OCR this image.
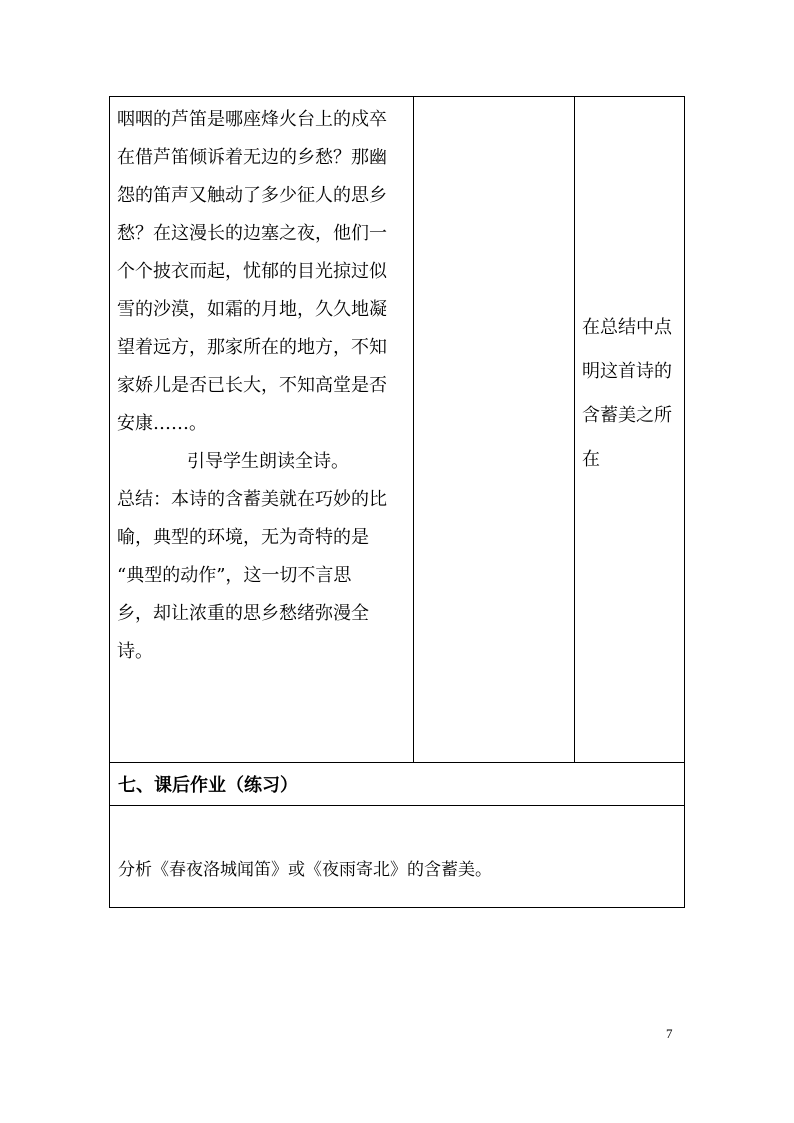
咽咽的芦笛是哪座烽火台上的戍卒
在借芦笛倾诉着无边的乡愁？那幽
怨的笛声又触动了多少征人的思乡
愁？在这漫长的边塞之夜，他们一
个个披衣而起，忧郁的目光掠过似
雪的沙漠，如霜的月地，久久地凝
望着远方，那家所在的地方，不知
家娇儿是否已长大，不知高堂是否
安康……。
引导学生朗读全诗。
总结：本诗的含蓄美就在巧妙的比
喻，典型的环境，无为奇特的是
“典型的动作”，这一切不言思
乡，却让浓重的思乡愁绪弥漫全
诗。
在总结中点
明这首诗的
含蓄美之所
在
七、课后作业（练习）
分析《春夜洛城闻笛》或《夜雨寄北》的含蓄美。
7
